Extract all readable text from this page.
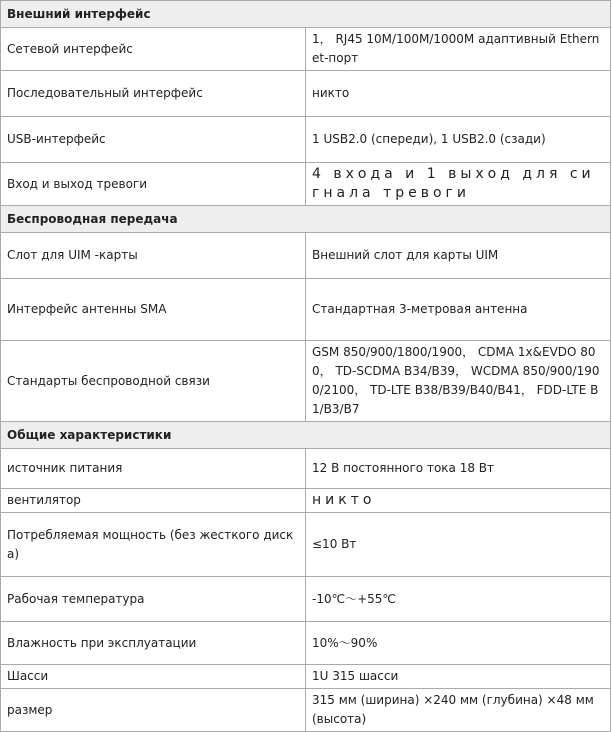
Внешний интерфейс	
Сетевой интерфейс	1， RJ45 10M/100M/1000M адаптивный Ethernet-порт
Последовательный интерфейс	никто
USB-интерфейс	1 USB2.0 (спереди), 1 USB2.0 (сзади)
Вход и выход тревоги	4 входа и 1 выход для сигнала тревоги
Беспроводная передача	
Слот для UIM -карты	Внешний слот для карты UIM
Интерфейс антенны SMA	Стандартная 3-метровая антенна
Стандарты беспроводной связи	GSM 850/900/1800/1900， CDMA 1x&EVDO 800， TD-SCDMA B34/B39， WCDMA 850/900/1900/2100， TD-LTE B38/B39/B40/B41， FDD-LTE B1/B3/B7
Общие характеристики	
источник питания	12 В постоянного тока 18 Вт
вентилятор	никто
Потребляемая мощность (без жесткого диска)	≤10 Вт
Рабочая температура	-10℃～+55℃
Влажность при эксплуатации	10%～90%
Шасси	1U 315 шасси
размер	315 мм (ширина) ×240 мм (глубина) ×48 мм (высота)
